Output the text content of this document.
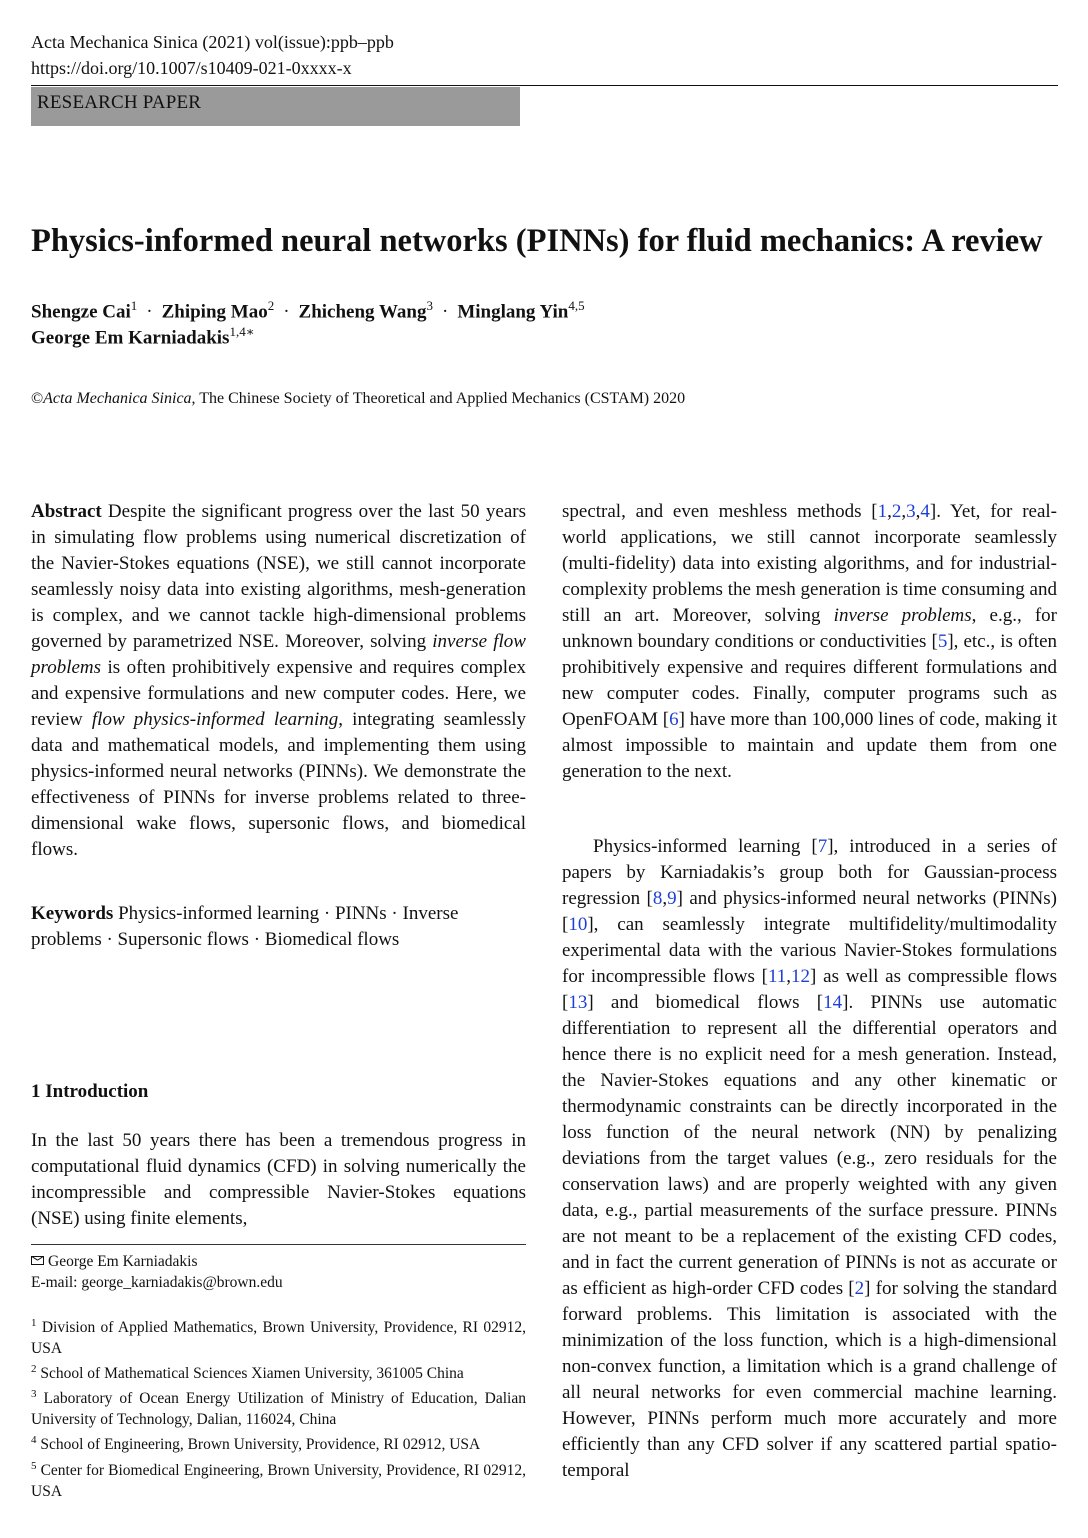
Acta Mechanica Sinica (2021) vol(issue):ppb–ppb
https://doi.org/10.1007/s10409-021-0xxxx-x
RESEARCH PAPER
Physics-informed neural networks (PINNs) for fluid mechanics: A review
Shengze Cai$^1$ · Zhiping Mao$^2$ · Zhicheng Wang$^3$ · Minglang Yin$^{4,5}$
George Em Karniadakis$^{1,4∗}$
©Acta Mechanica Sinica, The Chinese Society of Theoretical and Applied Mechanics (CSTAM) 2020

Abstract Despite the significant progress over the last 50 years in simulating flow problems using numerical discretization of the Navier-Stokes equations (NSE), we still cannot incorporate seamlessly noisy data into existing algorithms, mesh-generation is complex, and we cannot tackle high-dimensional problems governed by parametrized NSE. Moreover, solving inverse flow problems is often prohibitively expensive and requires complex and expensive formulations and new computer codes. Here, we review flow physics-informed learning, integrating seamlessly data and mathematical models, and implementing them using physics-informed neural networks (PINNs). We demonstrate the effectiveness of PINNs for inverse problems related to three-dimensional wake flows, supersonic flows, and biomedical flows.

Keywords Physics-informed learning · PINNs · Inverse problems · Supersonic flows · Biomedical flows

1 Introduction

In the last 50 years there has been a tremendous progress in computational fluid dynamics (CFD) in solving numerically the incompressible and compressible Navier-Stokes equations (NSE) using finite elements,

George Em Karniadakis

E-mail: george_karniadakis@brown.edu

$^1$ Division of Applied Mathematics, Brown University, Providence, RI 02912, USA

$^2$ School of Mathematical Sciences Xiamen University, 361005 China

$^3$ Laboratory of Ocean Energy Utilization of Ministry of Education, Dalian University of Technology, Dalian, 116024, China

$^4$ School of Engineering, Brown University, Providence, RI 02912, USA

$^5$ Center for Biomedical Engineering, Brown University, Providence, RI 02912, USA

spectral, and even meshless methods [1,2,3,4]. Yet, for real-world applications, we still cannot incorporate seamlessly (multi-fidelity) data into existing algorithms, and for industrial-complexity problems the mesh generation is time consuming and still an art. Moreover, solving inverse problems, e.g., for unknown boundary conditions or conductivities [5], etc., is often prohibitively expensive and requires different formulations and new computer codes. Finally, computer programs such as OpenFOAM [6] have more than 100,000 lines of code, making it almost impossible to maintain and update them from one generation to the next.

Physics-informed learning [7], introduced in a series of papers by Karniadakis’s group both for Gaussian-process regression [8,9] and physics-informed neural networks (PINNs) [10], can seamlessly integrate multifidelity/multimodality experimental data with the various Navier-Stokes formulations for incompressible flows [11,12] as well as compressible flows [13] and biomedical flows [14]. PINNs use automatic differentiation to represent all the differential operators and hence there is no explicit need for a mesh generation. Instead, the Navier-Stokes equations and any other kinematic or thermodynamic constraints can be directly incorporated in the loss function of the neural network (NN) by penalizing deviations from the target values (e.g., zero residuals for the conservation laws) and are properly weighted with any given data, e.g., partial measurements of the surface pressure. PINNs are not meant to be a replacement of the existing CFD codes, and in fact the current generation of PINNs is not as accurate or as efficient as high-order CFD codes [2] for solving the standard forward problems. This limitation is associated with the minimization of the loss function, which is a high-dimensional non-convex function, a limitation which is a grand challenge of all neural networks for even commercial machine learning. However, PINNs perform much more accurately and more efficiently than any CFD solver if any scattered partial spatio-temporal
